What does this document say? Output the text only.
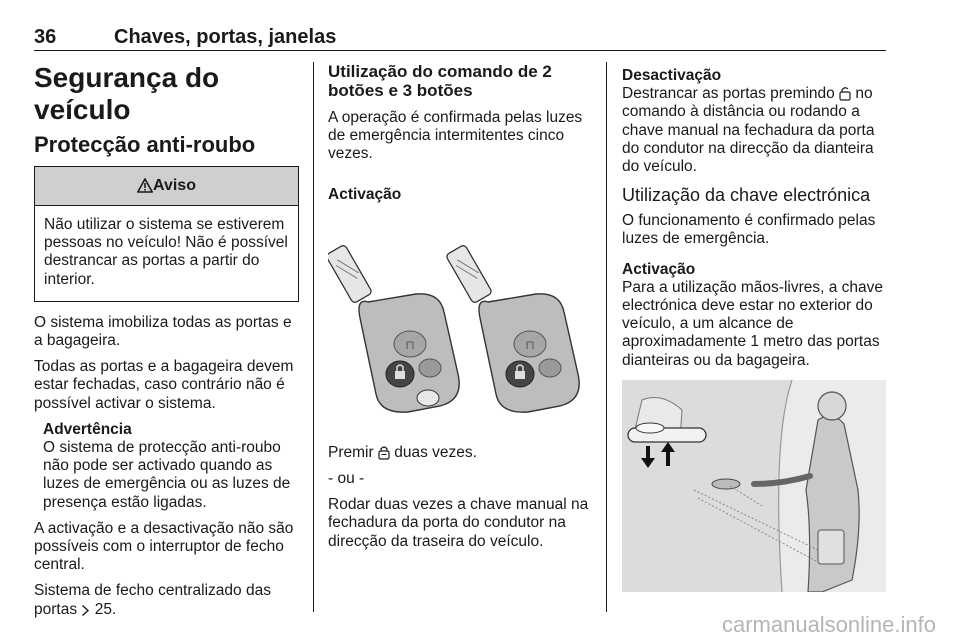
36	Chaves, portas, janelas
Segurança do veículo
Protecção anti-roubo
Aviso
Não utilizar o sistema se estiverem pessoas no veículo! Não é possível destrancar as portas a partir do interior.

O sistema imobiliza todas as portas e a bagageira.

Todas as portas e a bagageira devem estar fechadas, caso contrário não é possível activar o sistema.

Advertência
O sistema de protecção anti-roubo não pode ser activado quando as luzes de emergência ou as luzes de presença estão ligadas.

A activação e a desactivação não são possíveis com o interruptor de fecho central.

Sistema de fecho centralizado das portas 25.

Utilização do comando de 2 botões e 3 botões

A operação é confirmada pelas luzes de emergência intermitentes cinco vezes.

Activação

⊓	⊓

Premir duas vezes.

- ou -

Rodar duas vezes a chave manual na fechadura da porta do condutor na direcção da traseira do veículo.

Desactivação

Destrancar as portas premindo no comando à distância ou rodando a chave manual na fechadura da porta do condutor na direcção da dianteira do veículo.

Utilização da chave electrónica

O funcionamento é confirmado pelas luzes de emergência.

Activação

Para a utilização mãos-livres, a chave electrónica deve estar no exterior do veículo, a um alcance de aproximadamente 1 metro das portas dianteiras ou da bagageira.

carmanualsonline.info
